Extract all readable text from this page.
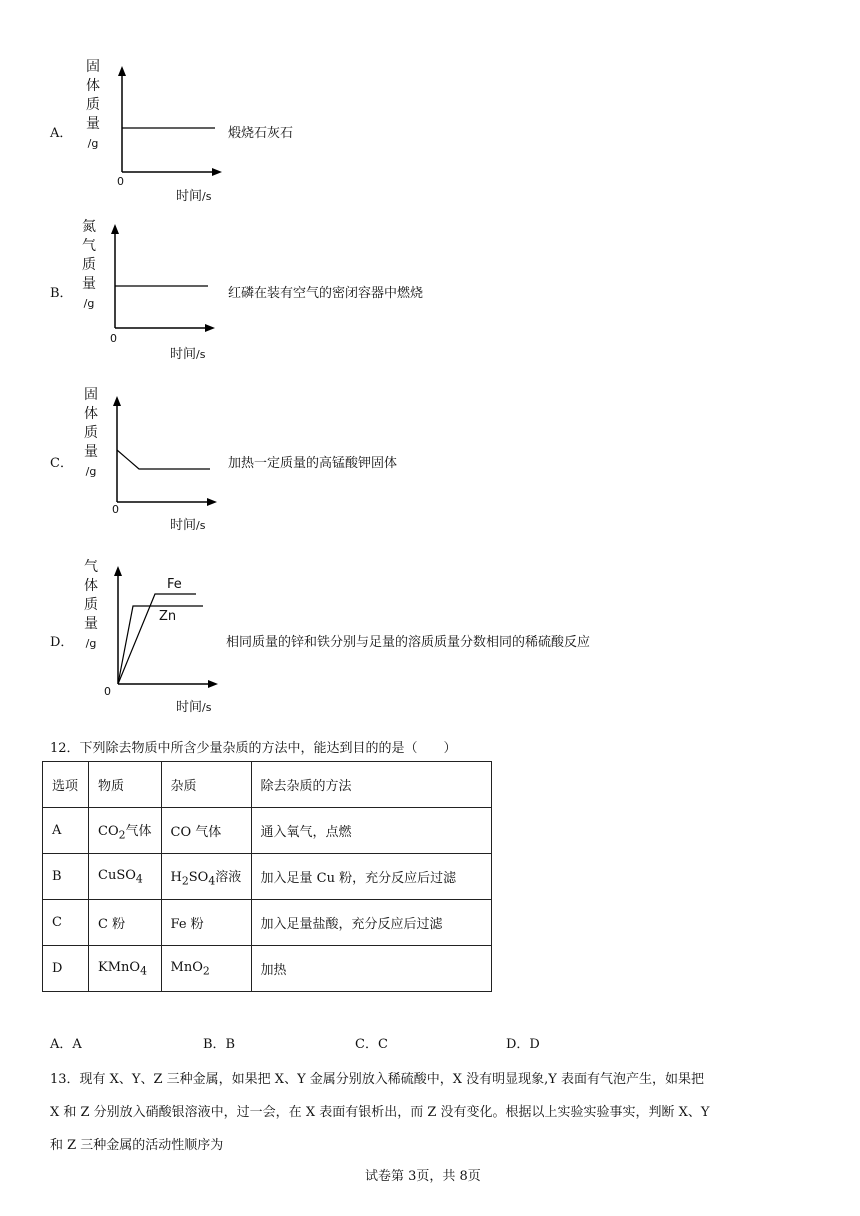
A．
固
体
质
量
/g
0
时间/s
煅烧石灰石
B．
氮
气
质
量
/g
0
时间/s
红磷在装有空气的密闭容器中燃烧
C．
固
体
质
量
/g
0
时间/s
加热一定质量的高锰酸钾固体
D．
气
体
质
量
/g
Fe
Zn
0
时间/s
相同质量的锌和铁分别与足量的溶质质量分数相同的稀硫酸反应
12．下列除去物质中所含少量杂质的方法中，能达到目的的是（　　）
选项	物质	杂质	除去杂质的方法
A	$CO_2$气体	CO 气体	通入氧气，点燃
B	CuSO$_4$	$H_2SO_4$溶液	加入足量 Cu 粉，充分反应后过滤
C	C 粉	Fe 粉	加入足量盐酸，充分反应后过滤
D	KMnO$_4$	MnO$_2$	加热
A．A	B．B	C．C	D．D
13．现有 X、Y、Z 三种金属，如果把 X、Y 金属分别放入稀硫酸中，X 没有明显现象,Y 表面有气泡产生，如果把
X 和 Z 分别放入硝酸银溶液中，过一会，在 X 表面有银析出，而 Z 没有变化。根据以上实验实验事实，判断 X、Y
和 Z 三种金属的活动性顺序为
试卷第 3页，共 8页
